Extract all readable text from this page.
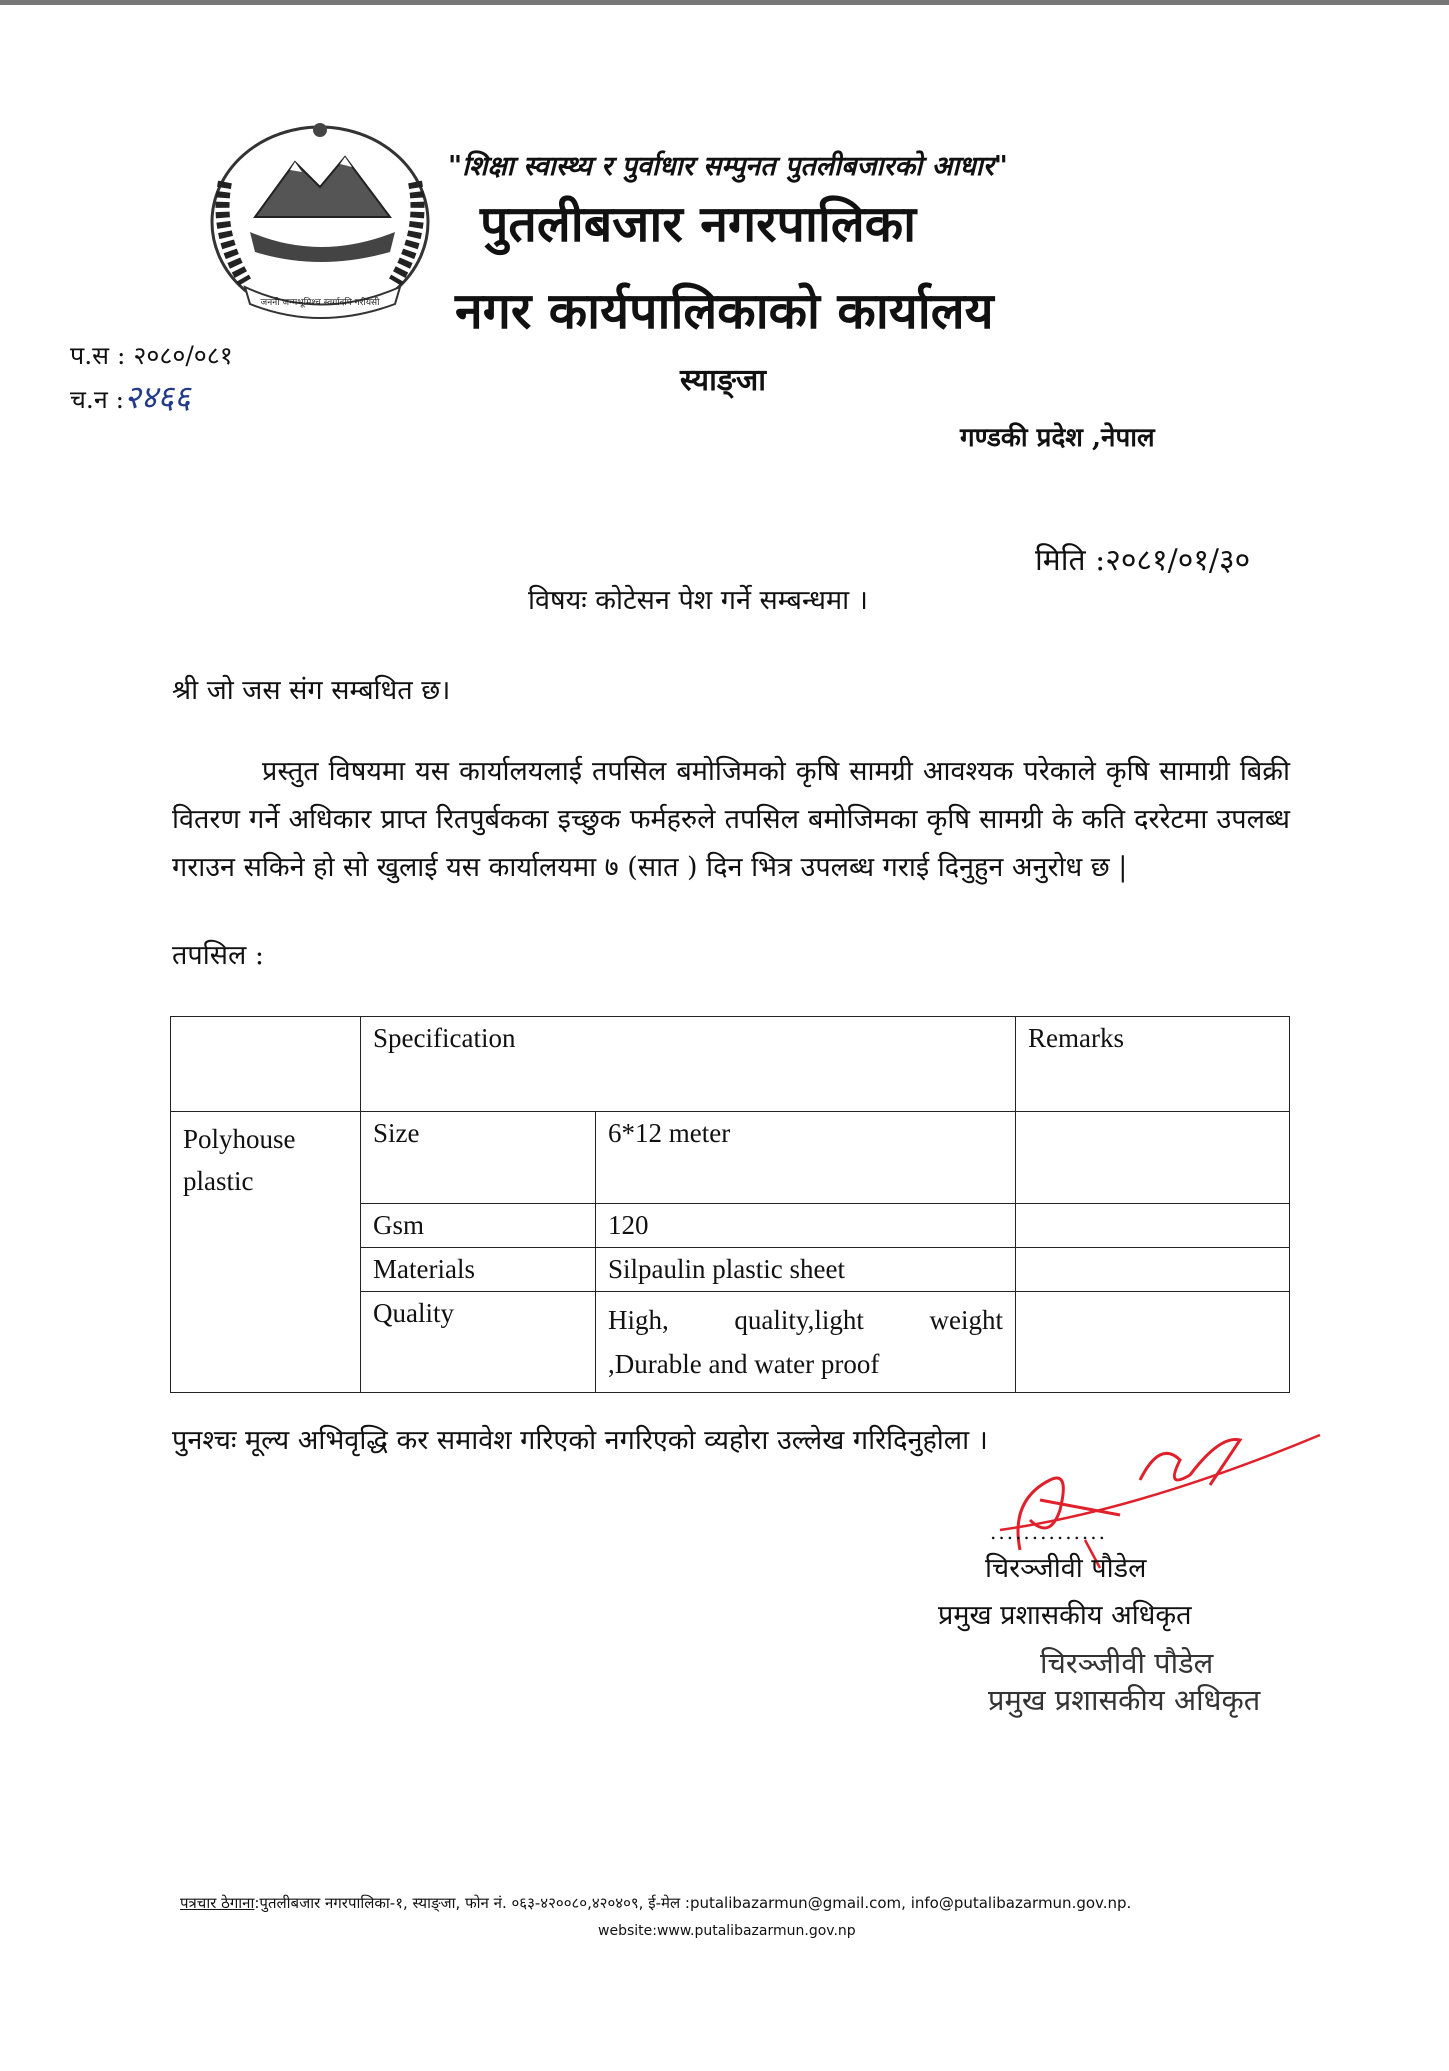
जननी जन्मभूमिश्च स्वर्गादपि गरीयसी
"शिक्षा स्वास्थ्य र पुर्वाधार सम्पुनत पुतलीबजारको आधार"
पुतलीबजार नगरपालिका
नगर कार्यपालिकाको कार्यालय
स्याङ्जा
गण्डकी प्रदेश ,नेपाल
प.स : २०८०/०८१
च.न :२४६६
मिति :२०८१/०१/३०
विषयः कोटेसन पेश गर्ने सम्बन्धमा ।
श्री जो जस संग सम्बधित छ।
प्रस्तुत विषयमा यस कार्यालयलाई तपसिल बमोजिमको कृषि सामग्री आवश्यक परेकाले कृषि सामाग्री बिक्री वितरण गर्ने अधिकार प्राप्त रितपुर्बकका इच्छुक फर्महरुले तपसिल बमोजिमका कृषि सामग्री के कति दररेटमा उपलब्ध गराउन सकिने हो सो खुलाई यस कार्यालयमा ७ (सात ) दिन भित्र उपलब्ध गराई दिनुहुन अनुरोध छ |
तपसिल :
	Specification		Remarks
Polyhouse plastic	Size	6*12 meter	
	Gsm	120	
	Materials	Silpaulin plastic sheet	
	Quality	High, quality,light weight
,Durable and water proof	

पुनश्चः मूल्य अभिवृद्धि कर समावेश गरिएको नगरिएको व्यहोरा उल्लेख गरिदिनुहोला ।
..............
चिरञ्जीवी पौडेल
प्रमुख प्रशासकीय अधिकृत
चिरञ्जीवी पौडेल
प्रमुख प्रशासकीय अधिकृत
पत्रचार ठेगाना:पुतलीबजार नगरपालिका-१, स्याङ्जा, फोन नं. ०६३-४२००८०,४२०४०९, ई-मेल :putalibazarmun@gmail.com, info@putalibazarmun.gov.np.
website:www.putalibazarmun.gov.np
